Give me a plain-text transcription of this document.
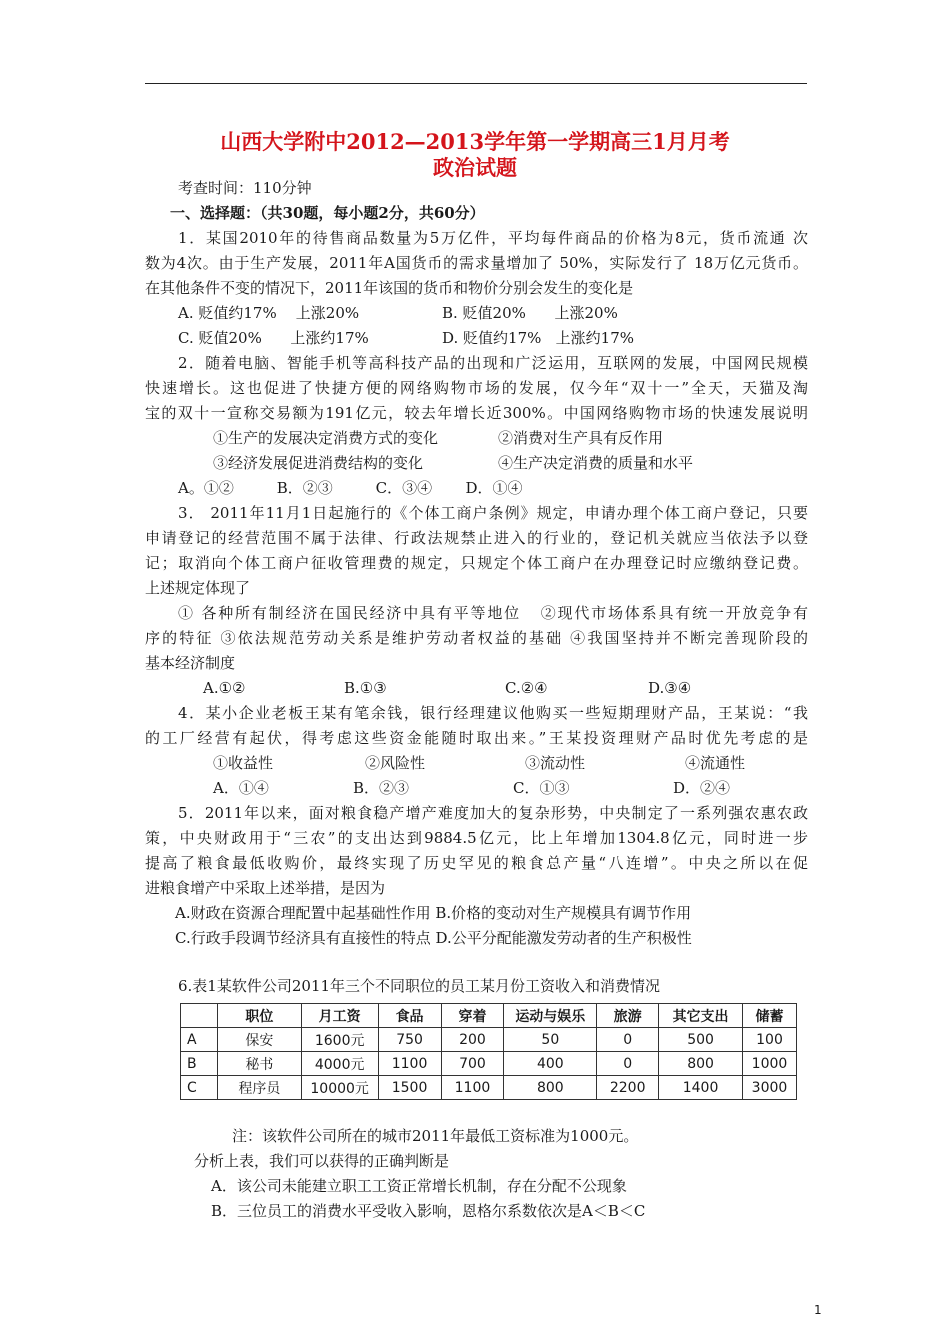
山西大学附中2012—2013学年第一学期高三1月月考
政治试题
考查时间：110分钟
一、选择题：（共30题，每小题2分，共60分）
1．某国2010年的待售商品数量为5万亿件，平均每件商品的价格为8元，货币流通 次
数为4次。由于生产发展，2011年A国货币的需求量增加了 50%，实际发行了 18万亿元货币。
在其他条件不变的情况下，2011年该国的货币和物价分别会发生的变化是
A. 贬值约17%    上涨20%	B. 贬值20%      上涨20%
C. 贬值20%      上涨约17%	D. 贬值约17%   上涨约17%
2．随着电脑、智能手机等高科技产品的出现和广泛运用，互联网的发展，中国网民规模
快速增长。这也促进了快捷方便的网络购物市场的发展，仅今年“双十一”全天，天猫及淘
宝的双十一宣称交易额为191亿元，较去年增长近300%。中国网络购物市场的快速发展说明
①生产的发展决定消费方式的变化	②消费对生产具有反作用
③经济发展促进消费结构的变化	④生产决定消费的质量和水平
A。①②         B．②③         C．③④       D．①④
3． 2011年11月1日起施行的《个体工商户条例》规定，申请办理个体工商户登记，只要
申请登记的经营范围不属于法律、行政法规禁止进入的行业的，登记机关就应当依法予以登
记；取消向个体工商户征收管理费的规定，只规定个体工商户在办理登记时应缴纳登记费。
上述规定体现了
① 各种所有制经济在国民经济中具有平等地位   ②现代市场体系具有统一开放竞争有
序的特征 ③依法规范劳动关系是维护劳动者权益的基础 ④我国坚持并不断完善现阶段的
基本经济制度
A.①②	B.①③	C.②④	D.③④
4．某小企业老板王某有笔余钱，银行经理建议他购买一些短期理财产品，王某说：“我
的工厂经营有起伏，得考虑这些资金能随时取出来。”王某投资理财产品时优先考虑的是
①收益性	②风险性	③流动性	④流通性
A．①④	B．②③	C．①③	D．②④
5．2011年以来，面对粮食稳产增产难度加大的复杂形势，中央制定了一系列强农惠农政
策，中央财政用于“三农”的支出达到9884.5亿元，比上年增加1304.8亿元，同时进一步
提高了粮食最低收购价，最终实现了历史罕见的粮食总产量“八连增”。中央之所以在促
进粮食增产中采取上述举措，是因为
A.财政在资源合理配置中起基础性作用 B.价格的变动对生产规模具有调节作用
C.行政手段调节经济具有直接性的特点 D.公平分配能激发劳动者的生产积极性
6.表1某软件公司2011年三个不同职位的员工某月份工资收入和消费情况
	职位	月工资	食品	穿着	运动与娱乐	旅游	其它支出	储蓄
A	保安	1600元	750	200	50	0	500	100
B	秘书	4000元	1100	700	400	0	800	1000
C	程序员	10000元	1500	1100	800	2200	1400	3000
注：该软件公司所在的城市2011年最低工资标准为1000元。
分析上表，我们可以获得的正确判断是
A．该公司未能建立职工工资正常增长机制，存在分配不公现象
B．三位员工的消费水平受收入影响，恩格尔系数依次是A＜B＜C
1
